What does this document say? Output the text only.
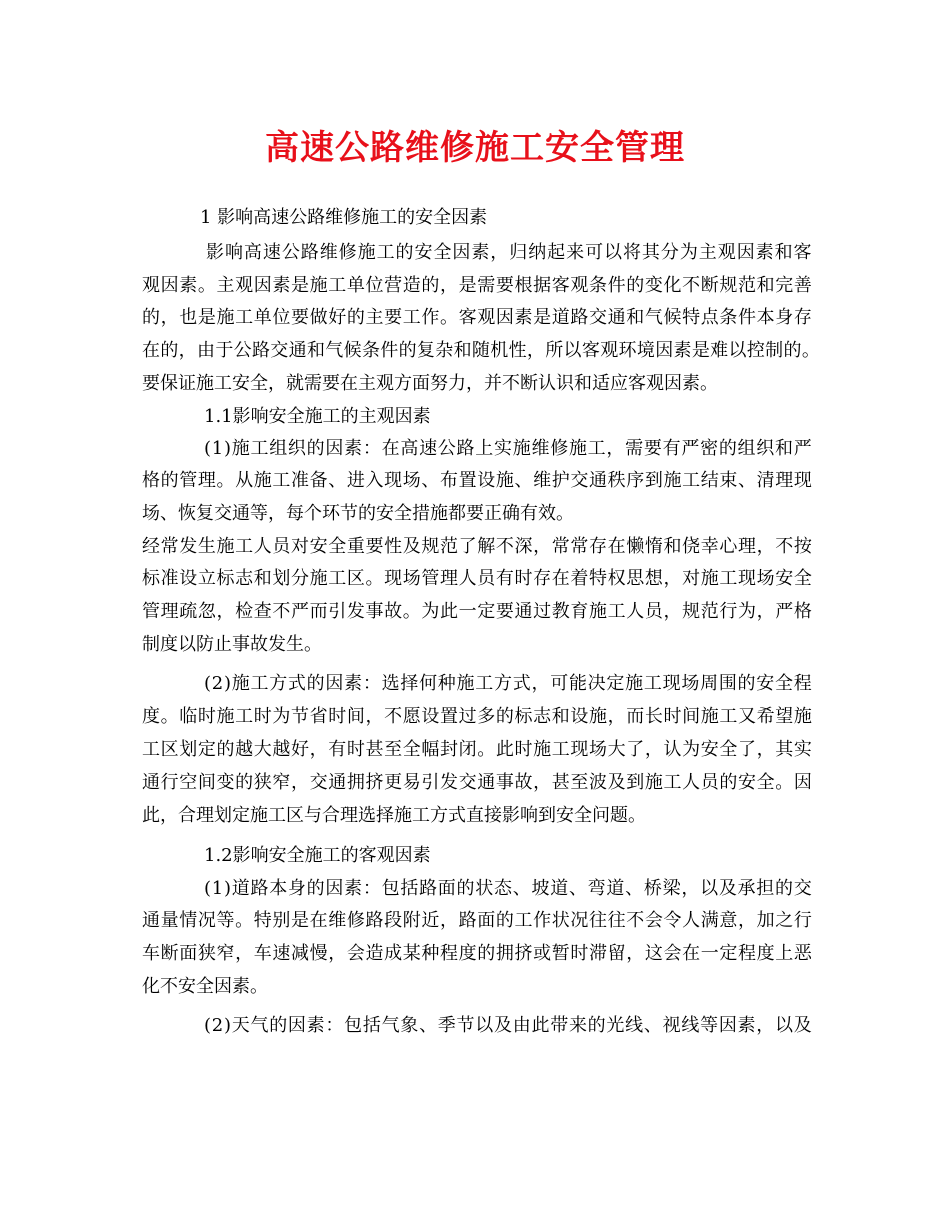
高速公路维修施工安全管理
1 影响高速公路维修施工的安全因素
影 响 高 速 公 路 维 修 施 工 的 安 全 因 素 ， 归 纳 起 来 可 以 将 其 分 为 主 观 因 素 和 客
观 因 素 。 主 观 因 素 是 施 工 单 位 营 造 的 ， 是 需 要 根 据 客 观 条 件 的 变 化 不 断 规 范 和 完 善
的 ， 也 是 施 工 单 位 要 做 好 的 主 要 工 作 。 客 观 因 素 是 道 路 交 通 和 气 候 特 点 条 件 本 身 存
在 的 ， 由 于 公 路 交 通 和 气 候 条 件 的 复 杂 和 随 机 性 ， 所 以 客 观 环 境 因 素 是 难 以 控 制 的 。
要保证施工安全，就需要在主观方面努力，并不断认识和适应客观因素。
1.1影响安全施工的主观因素
( 1 ) 施 工 组 织 的 因 素 ： 在 高 速 公 路 上 实 施 维 修 施 工 ， 需 要 有 严 密 的 组 织 和 严
格 的 管 理 。 从 施 工 准 备 、 进 入 现 场 、 布 置 设 施 、 维 护 交 通 秩 序 到 施 工 结 束 、 清 理 现
场、恢复交通等，每个环节的安全措施都要正确有效。
经 常 发 生 施 工 人 员 对 安 全 重 要 性 及 规 范 了 解 不 深 ， 常 常 存 在 懒 惰 和 侥 幸 心 理 ， 不 按
标 准 设 立 标 志 和 划 分 施 工 区 。 现 场 管 理 人 员 有 时 存 在 着 特 权 思 想 ， 对 施 工 现 场 安 全
管 理 疏 忽 ， 检 查 不 严 而 引 发 事 故 。 为 此 一 定 要 通 过 教 育 施 工 人 员 ， 规 范 行 为 ， 严 格
制度以防止事故发生。
( 2 ) 施 工 方 式 的 因 素 ： 选 择 何 种 施 工 方 式 ， 可 能 决 定 施 工 现 场 周 围 的 安 全 程
度 。 临 时 施 工 时 为 节 省 时 间 ， 不 愿 设 置 过 多 的 标 志 和 设 施 ， 而 长 时 间 施 工 又 希 望 施
工 区 划 定 的 越 大 越 好 ， 有 时 甚 至 全 幅 封 闭 。 此 时 施 工 现 场 大 了 ， 认 为 安 全 了 ， 其 实
通 行 空 间 变 的 狭 窄 ， 交 通 拥 挤 更 易 引 发 交 通 事 故 ， 甚 至 波 及 到 施 工 人 员 的 安 全 。 因
此，合理划定施工区与合理选择施工方式直接影响到安全问题。
1.2影响安全施工的客观因素
( 1 ) 道 路 本 身 的 因 素 ： 包 括 路 面 的 状 态 、 坡 道 、 弯 道 、 桥 梁 ， 以 及 承 担 的 交
通 量 情 况 等 。 特 别 是 在 维 修 路 段 附 近 ， 路 面 的 工 作 状 况 往 往 不 会 令 人 满 意 ， 加 之 行
车 断 面 狭 窄 ， 车 速 减 慢 ， 会 造 成 某 种 程 度 的 拥 挤 或 暂 时 滞 留 ， 这 会 在 一 定 程 度 上 恶
化不安全因素。
( 2 ) 天 气 的 因 素 ： 包 括 气 象 、 季 节 以 及 由 此 带 来 的 光 线 、 视 线 等 因 素 ， 以 及
